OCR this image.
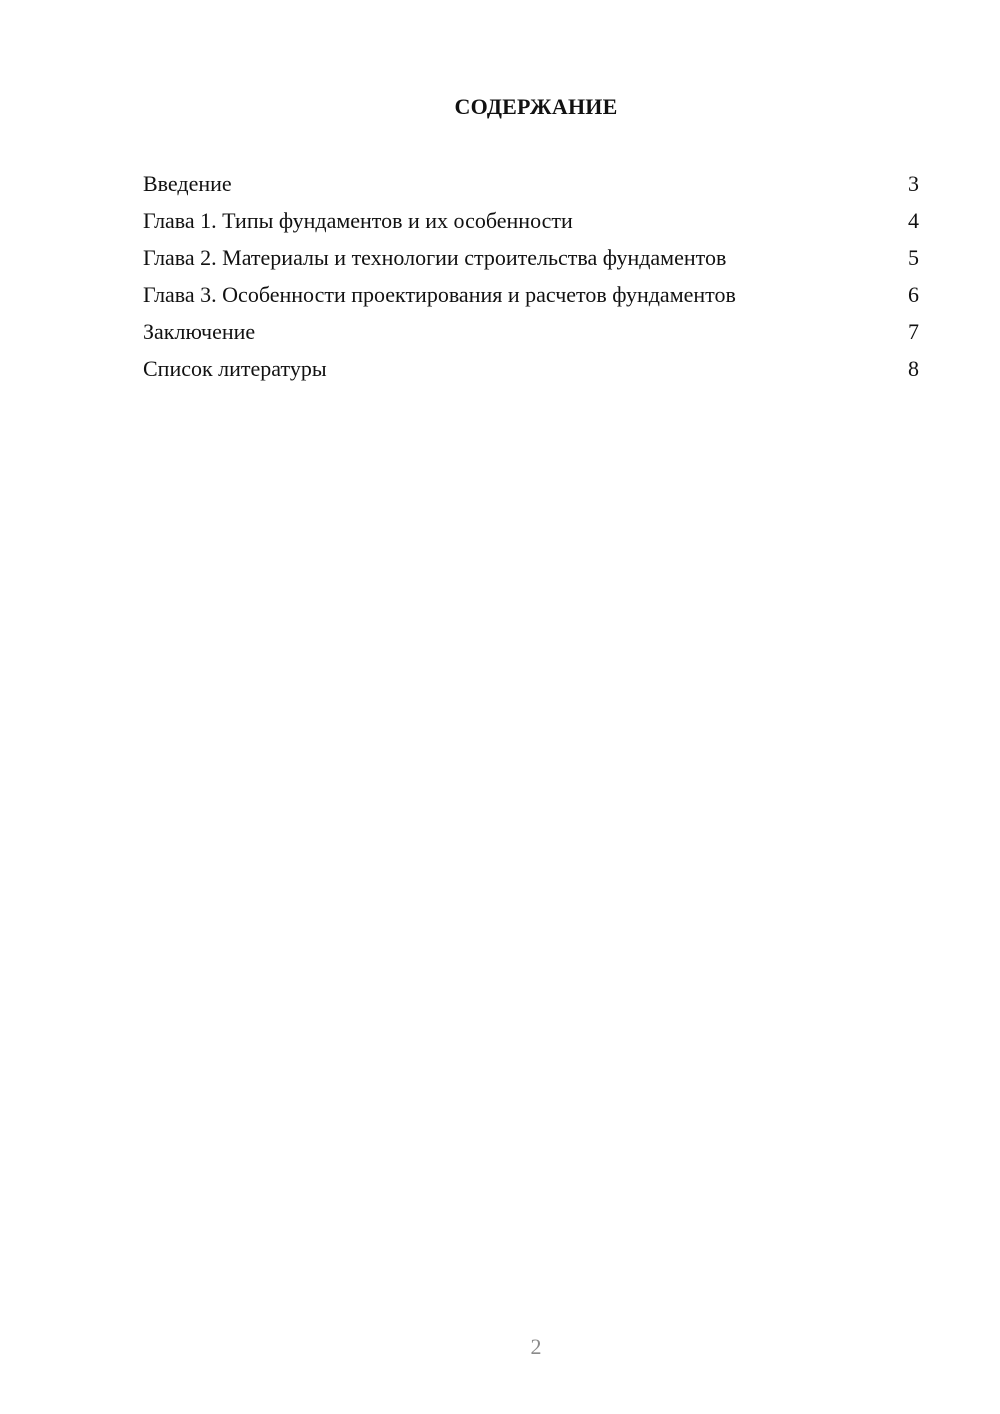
СОДЕРЖАНИЕ
Введение	3
Глава 1. Типы фундаментов и их особенности	4
Глава 2. Материалы и технологии строительства фундаментов	5
Глава 3. Особенности проектирования и расчетов фундаментов	6
Заключение	7
Список литературы	8
2
